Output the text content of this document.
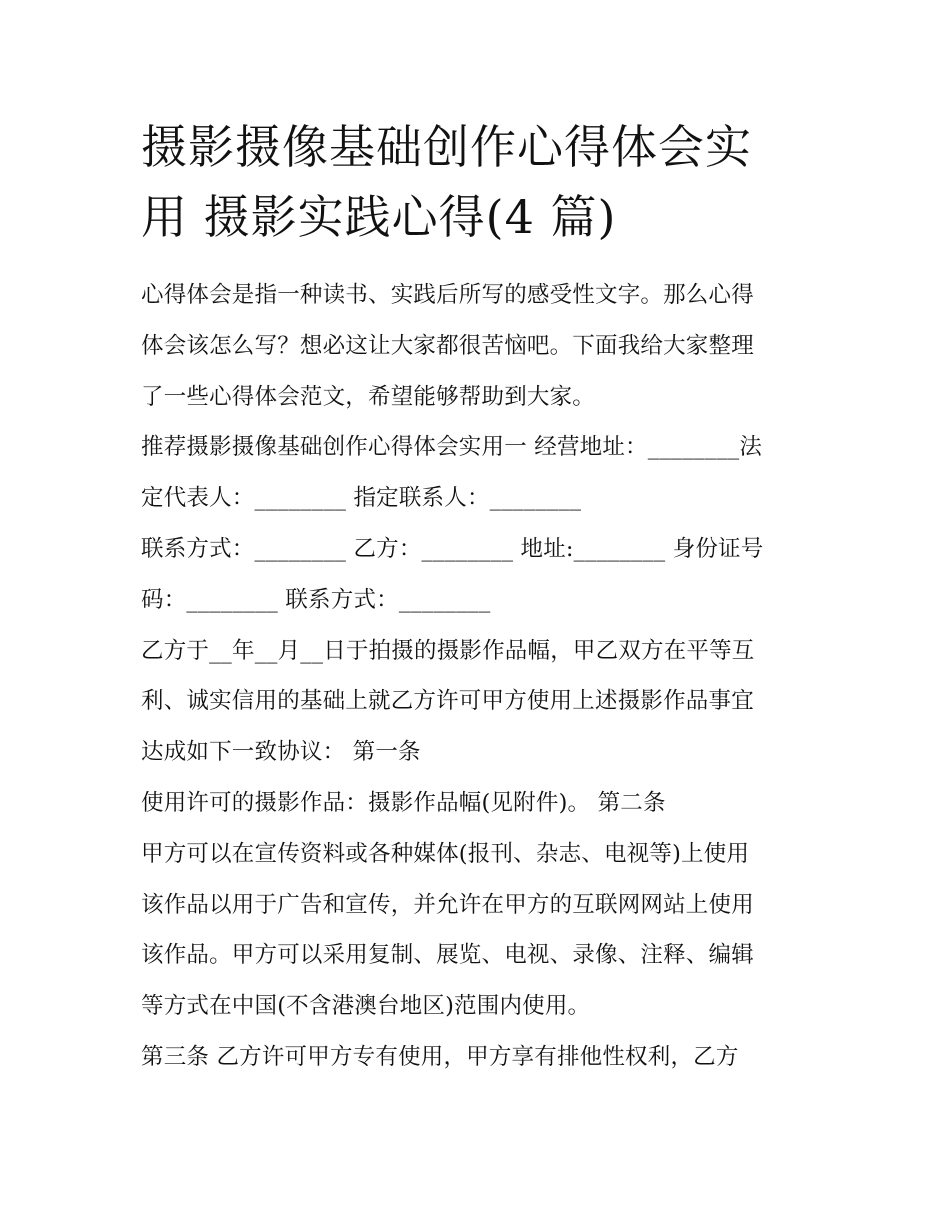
摄影摄像基础创作心得体会实
用 摄影实践心得(4 篇)

心得体会是指一种读书、实践后所写的感受性文字。那么心得
体会该怎么写？想必这让大家都很苦恼吧。下面我给大家整理
了一些心得体会范文，希望能够帮助到大家。

推荐摄影摄像基础创作心得体会实用一 经营地址：________法
定代表人：________ 指定联系人：________

联系方式：________ 乙方：________ 地址:________ 身份证号
码：________ 联系方式：________

乙方于__年__月__日于拍摄的摄影作品幅，甲乙双方在平等互
利、诚实信用的基础上就乙方许可甲方使用上述摄影作品事宜
达成如下一致协议： 第一条

使用许可的摄影作品：摄影作品幅(见附件)。 第二条

甲方可以在宣传资料或各种媒体(报刊、杂志、电视等)上使用
该作品以用于广告和宣传，并允许在甲方的互联网网站上使用
该作品。甲方可以采用复制、展览、电视、录像、注释、编辑
等方式在中国(不含港澳台地区)范围内使用。

第三条 乙方许可甲方专有使用，甲方享有排他性权利，乙方
